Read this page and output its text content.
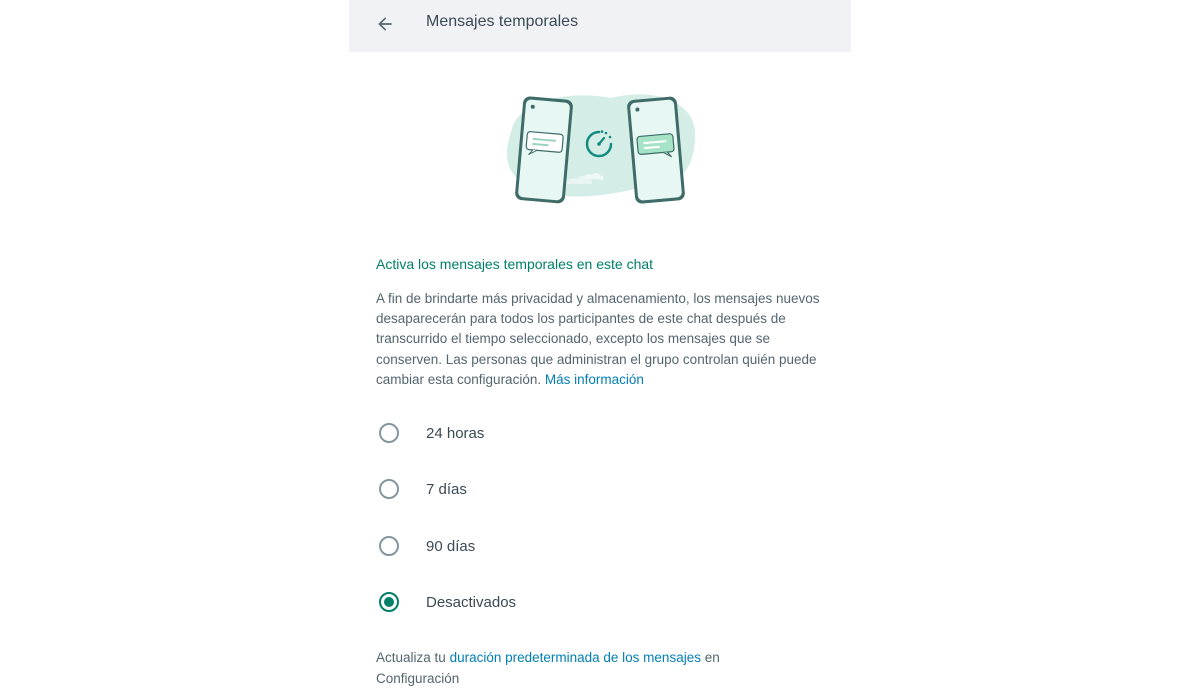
Mensajes temporales
Activa los mensajes temporales en este chat
A fin de brindarte más privacidad y almacenamiento, los mensajes nuevos desaparecerán para todos los participantes de este chat después de transcurrido el tiempo seleccionado, excepto los mensajes que se conserven. Las personas que administran el grupo controlan quién puede cambiar esta configuración. Más información
24 horas
7 días
90 días
Desactivados
Actualiza tu duración predeterminada de los mensajes en Configuración
